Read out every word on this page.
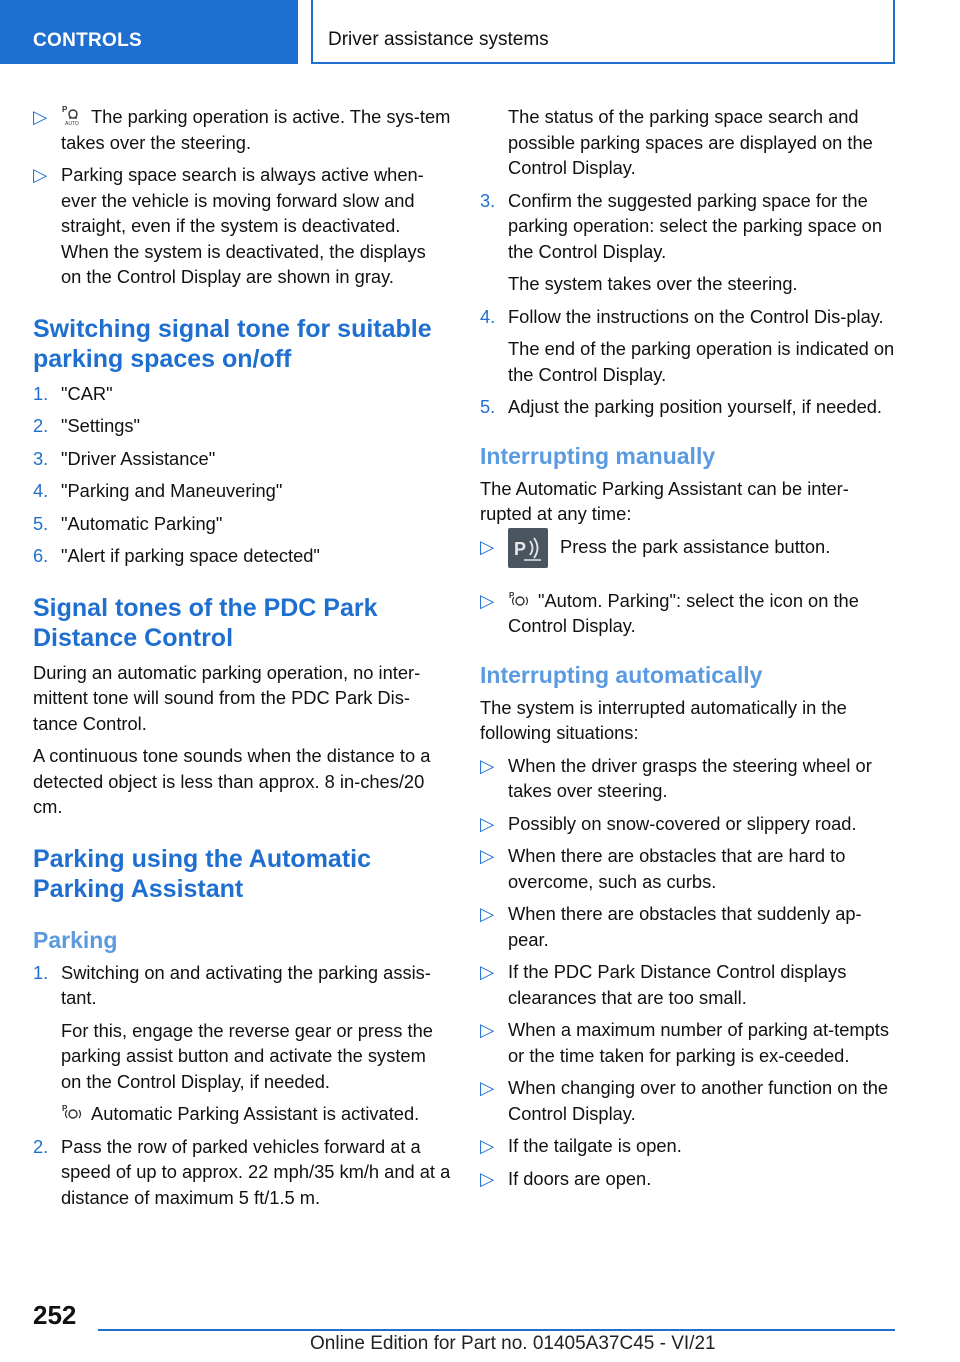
CONTROLS	Driver assistance systems
▷ P
AUTO The parking operation is active. The sys-tem takes over the steering.
▷ Parking space search is always active when-ever the vehicle is moving forward slow and straight, even if the system is deactivated. When the system is deactivated, the displays on the Control Display are shown in gray.
Switching signal tone for suitable parking spaces on/off
1. "CAR"
2. "Settings"
3. "Driver Assistance"
4. "Parking and Maneuvering"
5. "Automatic Parking"
6. "Alert if parking space detected"
Signal tones of the PDC Park Distance Control

During an automatic parking operation, no inter-mittent tone will sound from the PDC Park Dis-tance Control.

A continuous tone sounds when the distance to a detected object is less than approx. 8 in-ches/20 cm.

Parking using the Automatic Parking Assistant
Parking
1. Switching on and activating the parking assis-tant.

For this, engage the reverse gear or press the parking assist button and activate the system on the Control Display, if needed.

P Automatic Parking Assistant is activated.

2. Pass the row of parked vehicles forward at a speed of up to approx. 22 mph/35 km/h and at a distance of maximum 5 ft/1.5 m.

The status of the parking space search and possible parking spaces are displayed on the Control Display.

3. Confirm the suggested parking space for the parking operation: select the parking space on the Control Display.

The system takes over the steering.

4. Follow the instructions on the Control Dis-play.

The end of the parking operation is indicated on the Control Display.

5. Adjust the parking position yourself, if needed.
Interrupting manually

The Automatic Parking Assistant can be inter-rupted at any time:

▷ P Press the park assistance button.
▷ P "Autom. Parking": select the icon on the Control Display.
Interrupting automatically

The system is interrupted automatically in the following situations:

▷ When the driver grasps the steering wheel or takes over steering.
▷ Possibly on snow-covered or slippery road.
▷ When there are obstacles that are hard to overcome, such as curbs.
▷ When there are obstacles that suddenly ap-pear.
▷ If the PDC Park Distance Control displays clearances that are too small.
▷ When a maximum number of parking at-tempts or the time taken for parking is ex-ceeded.
▷ When changing over to another function on the Control Display.
▷ If the tailgate is open.
▷ If doors are open.
252
Online Edition for Part no. 01405A37C45 - VI/21
